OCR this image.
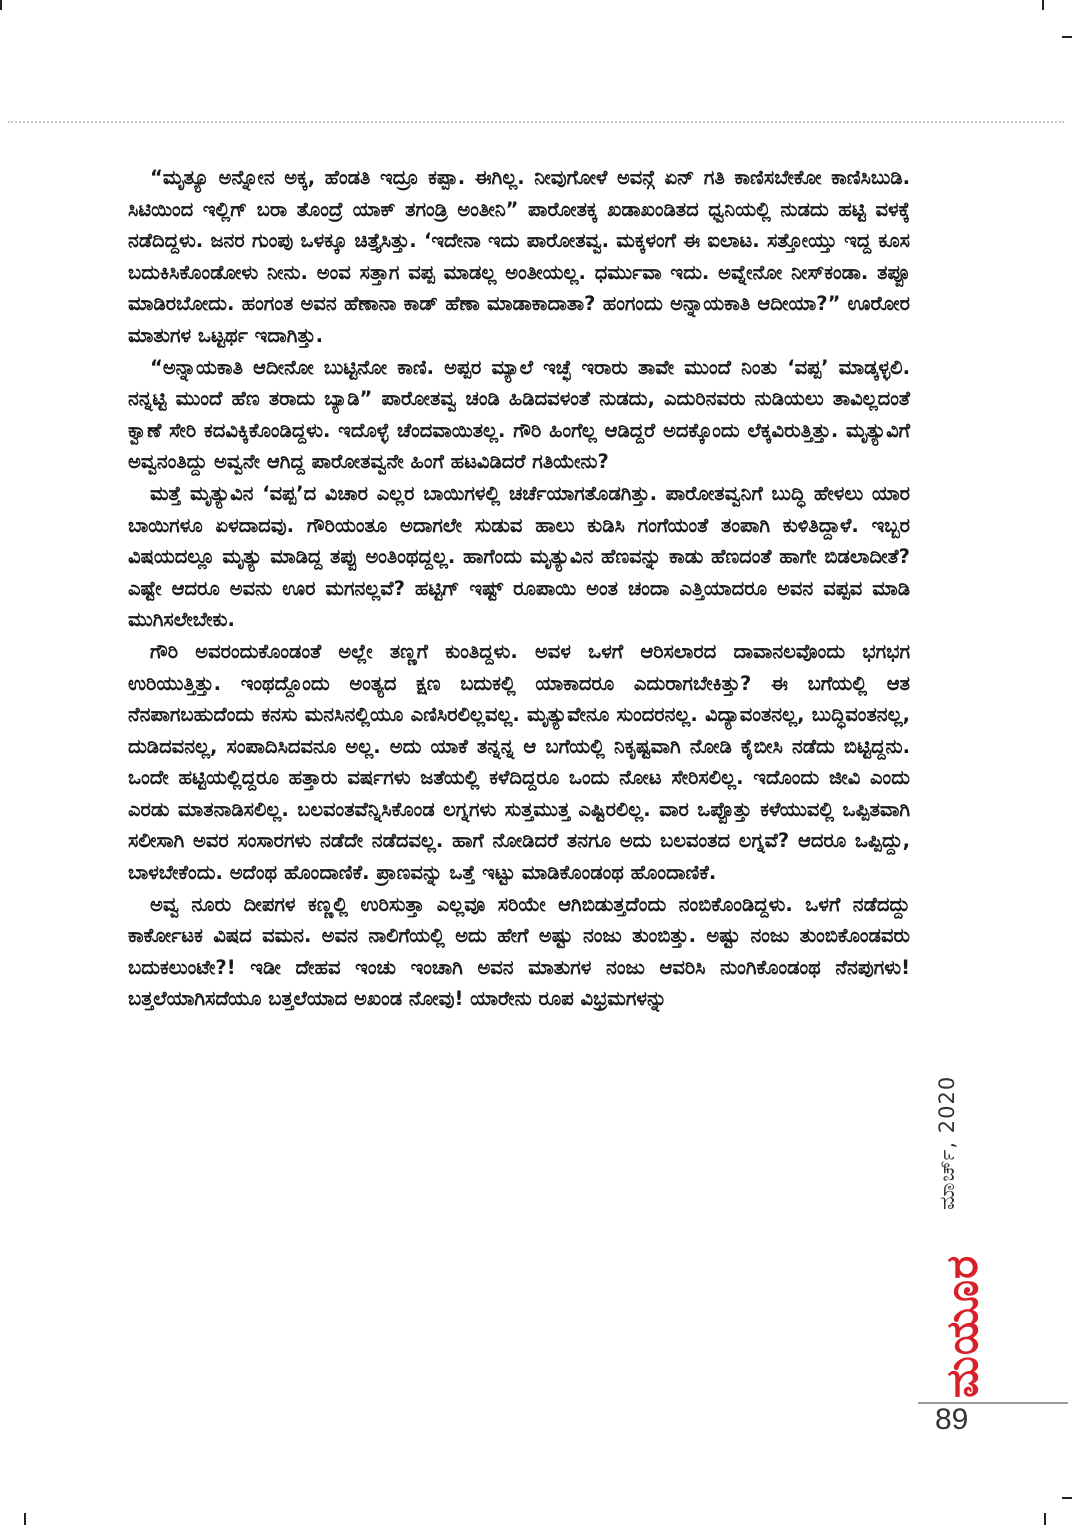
“ಮೃತ್ಯೂ ಅನ್ನೋನ ಅಕ್ಕ, ಹೆಂಡತಿ ಇದ್ರೂ ಕಪ್ಪಾ. ಈಗಿಲ್ಲ. ನೀವುಗೋಳೆ ಅವನ್ಗೆ ಏನ್ ಗತಿ ಕಾಣಿಸಬೇಕೋ ಕಾಣಿಸಿಬುಡಿ. ಸಿಟಿಯಿಂದ ಇಲ್ಲಿಗ್ ಬರಾ ತೊಂದ್ರೆ ಯಾಕ್ ತಗಂಡ್ರಿ ಅಂತೀನಿ” ಪಾರೋತಕ್ಕ ಖಡಾಖಂಡಿತದ ಧ್ವನಿಯಲ್ಲಿ ನುಡದು ಹಟ್ಟಿ ವಳಕ್ಕೆ ನಡೆದಿದ್ದಳು. ಜನರ ಗುಂಪು ಒಳಕ್ಕೂ ಚಿತ್ತೈಸಿತ್ತು. ‘ಇದೇನಾ ಇದು ಪಾರೋತವ್ವ. ಮಕ್ಕಳಂಗೆ ಈ ಐಲಾಟ. ಸತ್ತೋಯ್ತು ಇದ್ದ ಕೂಸ ಬದುಕಿಸಿಕೊಂಡೋಳು ನೀನು. ಅಂವ ಸತ್ತಾಗ ವಪ್ಪ ಮಾಡಲ್ಲ ಅಂತೀಯಲ್ಲ. ಧರ್ಮುವಾ ಇದು. ಅವ್ನೇನೋ ನೀಸ್‌ಕಂಡಾ. ತಪ್ಪೂ ಮಾಡಿರಬೋದು. ಹಂಗಂತ ಅವನ ಹೆಣಾನಾ ಕಾಡ್ ಹೆಣಾ ಮಾಡಾಕಾದಾತಾ? ಹಂಗಂದು ಅನ್ನಾಯಕಾತಿ ಆದೀಯಾ?” ಊರೋರ ಮಾತುಗಳ ಒಟ್ಟರ್ಥ ಇದಾಗಿತ್ತು.

“ಅನ್ನಾಯಕಾತಿ ಆದೀನೋ ಬುಟ್ಟಿನೋ ಕಾಣಿ. ಅಪ್ಪರ ಮ್ಯಾಲೆ ಇಚ್ಛೆ ಇರಾರು ತಾವೇ ಮುಂದೆ ನಿಂತು ‘ವಪ್ಪ’ ಮಾಡ್ಕಳ್ಳಲಿ. ನನ್ನಟ್ಟಿ ಮುಂದೆ ಹೆಣ ತರಾದು ಬ್ಯಾಡಿ” ಪಾರೋತವ್ವ ಚಂಡಿ ಹಿಡಿದವಳಂತೆ ನುಡದು, ಎದುರಿನವರು ನುಡಿಯಲು ತಾವಿಲ್ಲದಂತೆ ಕ್ವಾಣೆ ಸೇರಿ ಕದವಿಕ್ಕಿಕೊಂಡಿದ್ದಳು. ಇದೊಳ್ಳೆ ಚೆಂದವಾಯಿತಲ್ಲ. ಗೌರಿ ಹಿಂಗೆಲ್ಲ ಆಡಿದ್ದರೆ ಅದಕ್ಕೊಂದು ಲೆಕ್ಕವಿರುತ್ತಿತ್ತು. ಮೃತ್ಯುವಿಗೆ ಅವ್ವನಂತಿದ್ದು ಅವ್ವನೇ ಆಗಿದ್ದ ಪಾರೋತವ್ವನೇ ಹಿಂಗೆ ಹಟವಿಡಿದರೆ ಗತಿಯೇನು?

ಮತ್ತೆ ಮೃತ್ಯುವಿನ ‘ವಪ್ಪ’ದ ವಿಚಾರ ಎಲ್ಲರ ಬಾಯಿಗಳಲ್ಲಿ ಚರ್ಚೆಯಾಗತೊಡಗಿತ್ತು. ಪಾರೋತವ್ವನಿಗೆ ಬುದ್ಧಿ ಹೇಳಲು ಯಾರ ಬಾಯಿಗಳೂ ಏಳದಾದವು. ಗೌರಿಯಂತೂ ಅದಾಗಲೇ ಸುಡುವ ಹಾಲು ಕುಡಿಸಿ ಗಂಗೆಯಂತೆ ತಂಪಾಗಿ ಕುಳಿತಿದ್ದಾಳೆ. ಇಬ್ಬರ ವಿಷಯದಲ್ಲೂ ಮೃತ್ಯು ಮಾಡಿದ್ದ ತಪ್ಪು ಅಂತಿಂಥದ್ದಲ್ಲ. ಹಾಗೆಂದು ಮೃತ್ಯುವಿನ ಹೆಣವನ್ನು ಕಾಡು ಹೆಣದಂತೆ ಹಾಗೇ ಬಿಡಲಾದೀತೆ? ಎಷ್ಟೇ ಆದರೂ ಅವನು ಊರ ಮಗನಲ್ಲವೆ? ಹಟ್ಟಿಗ್ ಇಷ್ಟ್ ರೂಪಾಯಿ ಅಂತ ಚಂದಾ ಎತ್ತಿಯಾದರೂ ಅವನ ವಪ್ಪವ ಮಾಡಿ ಮುಗಿಸಲೇಬೇಕು.

ಗೌರಿ ಅವರಂದುಕೊಂಡಂತೆ ಅಲ್ಲೇ ತಣ್ಣಗೆ ಕುಂತಿದ್ದಳು. ಅವಳ ಒಳಗೆ ಆರಿಸಲಾರದ ದಾವಾನಲವೊಂದು ಭಗಭಗ ಉರಿಯುತ್ತಿತ್ತು. ಇಂಥದ್ದೊಂದು ಅಂತ್ಯದ ಕ್ಷಣ ಬದುಕಲ್ಲಿ ಯಾಕಾದರೂ ಎದುರಾಗಬೇಕಿತ್ತು? ಈ ಬಗೆಯಲ್ಲಿ ಆತ ನೆನಪಾಗಬಹುದೆಂದು ಕನಸು ಮನಸಿನಲ್ಲಿಯೂ ಎಣಿಸಿರಲಿಲ್ಲವಲ್ಲ. ಮೃತ್ಯುವೇನೂ ಸುಂದರನಲ್ಲ. ವಿದ್ಯಾವಂತನಲ್ಲ, ಬುದ್ಧಿವಂತನಲ್ಲ, ದುಡಿದವನಲ್ಲ, ಸಂಪಾದಿಸಿದವನೂ ಅಲ್ಲ. ಅದು ಯಾಕೆ ತನ್ನನ್ನ ಆ ಬಗೆಯಲ್ಲಿ ನಿಕೃಷ್ಟವಾಗಿ ನೋಡಿ ಕೈಬೀಸಿ ನಡೆದು ಬಿಟ್ಟಿದ್ದನು. ಒಂದೇ ಹಟ್ಟಿಯಲ್ಲಿದ್ದರೂ ಹತ್ತಾರು ವರ್ಷಗಳು ಜತೆಯಲ್ಲಿ ಕಳೆದಿದ್ದರೂ ಒಂದು ನೋಟ ಸೇರಿಸಲಿಲ್ಲ. ಇದೊಂದು ಜೀವಿ ಎಂದು ಎರಡು ಮಾತನಾಡಿಸಲಿಲ್ಲ. ಬಲವಂತವೆನ್ನಿಸಿಕೊಂಡ ಲಗ್ನಗಳು ಸುತ್ತಮುತ್ತ ಎಷ್ಟಿರಲಿಲ್ಲ. ವಾರ ಒಪ್ಪೊತ್ತು ಕಳೆಯುವಲ್ಲಿ ಒಪ್ಪಿತವಾಗಿ ಸಲೀಸಾಗಿ ಅವರ ಸಂಸಾರಗಳು ನಡೆದೇ ನಡೆದವಲ್ಲ. ಹಾಗೆ ನೋಡಿದರೆ ತನಗೂ ಅದು ಬಲವಂತದ ಲಗ್ನವೆ? ಆದರೂ ಒಪ್ಪಿದ್ದು, ಬಾಳಬೇಕೆಂದು. ಅದೆಂಥ ಹೊಂದಾಣಿಕೆ. ಪ್ರಾಣವನ್ನು ಒತ್ತೆ ಇಟ್ಟು ಮಾಡಿಕೊಂಡಂಥ ಹೊಂದಾಣಿಕೆ.

ಅವ್ವ ನೂರು ದೀಪಗಳ ಕಣ್ಣಲ್ಲಿ ಉರಿಸುತ್ತಾ ಎಲ್ಲವೂ ಸರಿಯೇ ಆಗಿಬಿಡುತ್ತದೆಂದು ನಂಬಿಕೊಂಡಿದ್ದಳು. ಒಳಗೆ ನಡೆದದ್ದು ಕಾರ್ಕೋಟಕ ವಿಷದ ವಮನ. ಅವನ ನಾಲಿಗೆಯಲ್ಲಿ ಅದು ಹೇಗೆ ಅಷ್ಟು ನಂಜು ತುಂಬಿತ್ತು. ಅಷ್ಟು ನಂಜು ತುಂಬಿಕೊಂಡವರು ಬದುಕಲುಂಟೇ?! ಇಡೀ ದೇಹವ ಇಂಚು ಇಂಚಾಗಿ ಅವನ ಮಾತುಗಳ ನಂಜು ಆವರಿಸಿ ನುಂಗಿಕೊಂಡಂಥ ನೆನಪುಗಳು! ಬತ್ತಲೆಯಾಗಿಸದೆಯೂ ಬತ್ತಲೆಯಾದ ಅಖಂಡ ನೋವು! ಯಾರೇನು ರೂಪ ವಿಭ್ರಮಗಳನ್ನು

ಮಾರ್ಚ್, 2020
ಮಯೂರ
89
